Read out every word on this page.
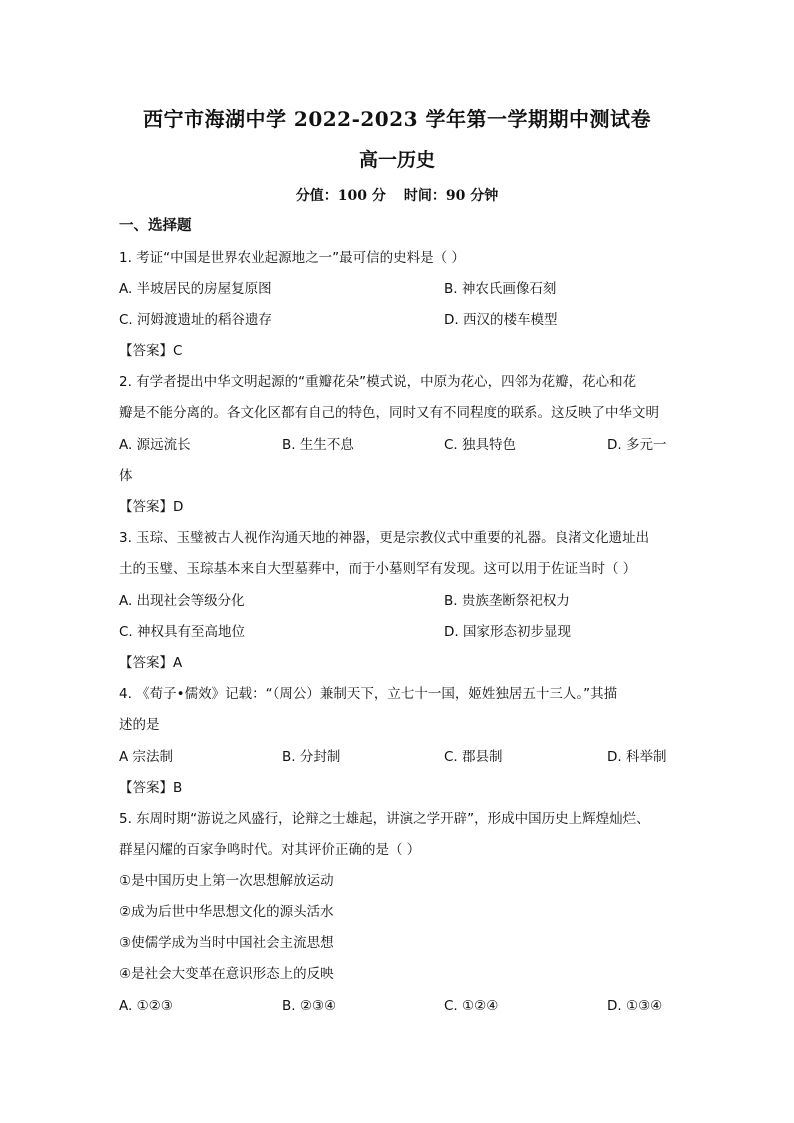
西宁市海湖中学 2022-2023 学年第一学期期中测试卷
高一历史
分值：100 分 时间：90 分钟
一、选择题
1. 考证“中国是世界农业起源地之一”最可信的史料是（ ）
A. 半坡居民的房屋复原图	B. 神农氏画像石刻
C. 河姆渡遗址的稻谷遗存	D. 西汉的楼车模型
【答案】C
2. 有学者提出中华文明起源的“重瓣花朵”模式说，中原为花心，四邻为花瓣，花心和花
瓣是不能分离的。各文化区都有自己的特色，同时又有不同程度的联系。这反映了中华文明
A. 源远流长	B. 生生不息	C. 独具特色	D. 多元一
体
【答案】D
3. 玉琮、玉璧被古人视作沟通天地的神器，更是宗教仪式中重要的礼器。良渚文化遗址出
土的玉璧、玉琮基本来自大型墓葬中，而于小墓则罕有发现。这可以用于佐证当时（ ）
A. 出现社会等级分化	B. 贵族垄断祭祀权力
C. 神权具有至高地位	D. 国家形态初步显现
【答案】A
4. 《荀子•儒效》记载：“（周公）兼制天下，立七十一国，姬姓独居五十三人。”其描
述的是
A 宗法制	B. 分封制	C. 郡县制	D. 科举制
【答案】B
5. 东周时期“游说之风盛行，论辩之士雄起，讲演之学开辟”，形成中国历史上辉煌灿烂、
群星闪耀的百家争鸣时代。对其评价正确的是（ ）
①是中国历史上第一次思想解放运动
②成为后世中华思想文化的源头活水
③使儒学成为当时中国社会主流思想
④是社会大变革在意识形态上的反映
A. ①②③	B. ②③④	C. ①②④	D. ①③④
